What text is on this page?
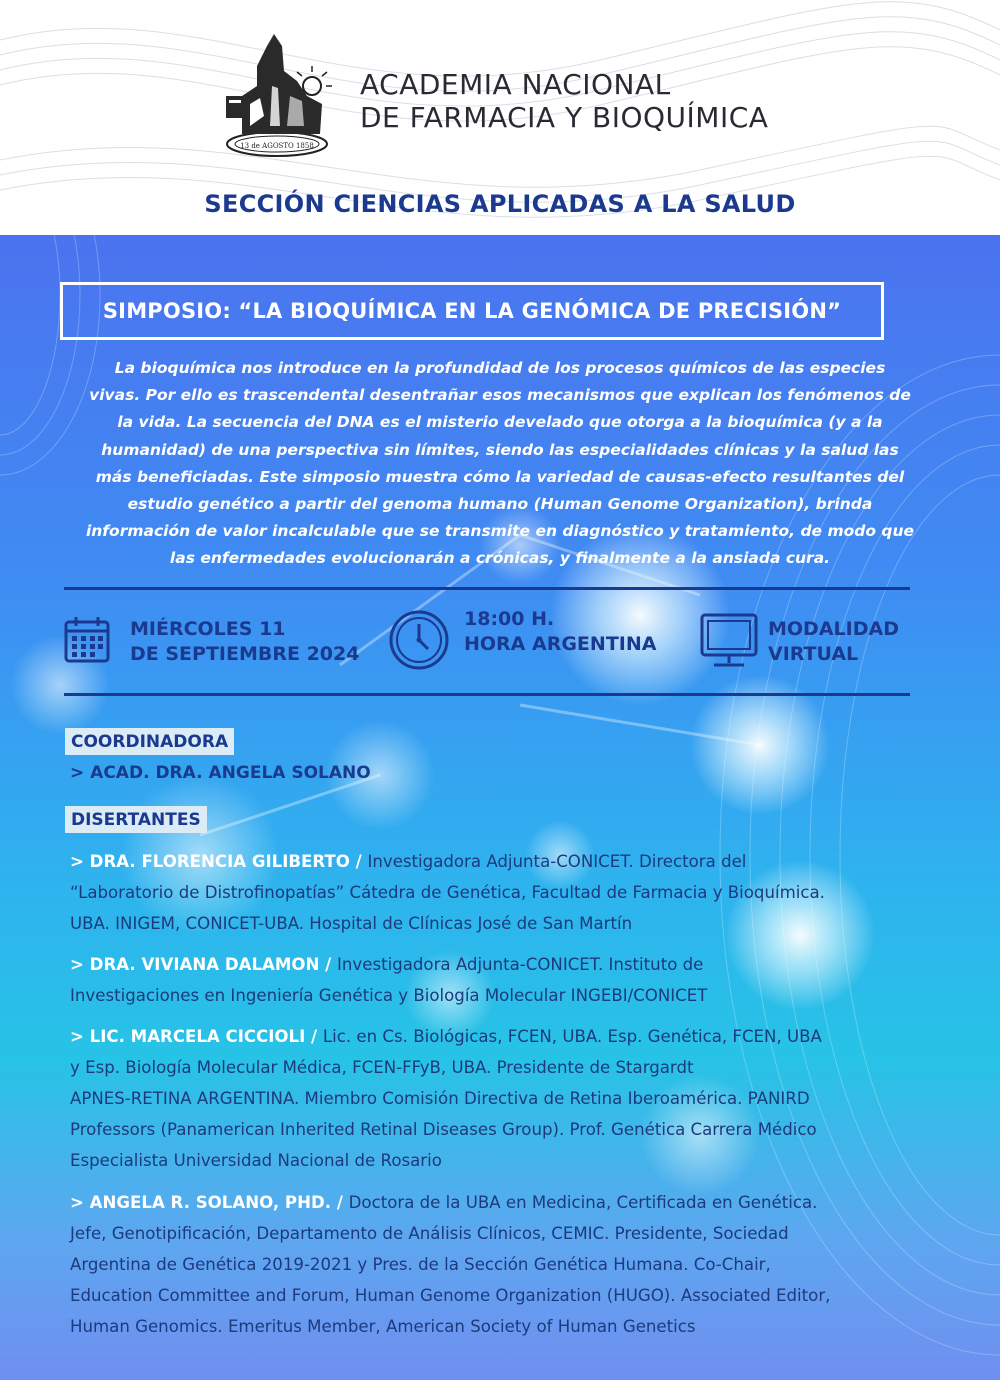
13 de AGOSTO 1858
ACADEMIA NACIONAL
DE FARMACIA Y BIOQUÍMICA
SECCIÓN CIENCIAS APLICADAS A LA SALUD
SIMPOSIO: “LA BIOQUÍMICA EN LA GENÓMICA DE PRECISIÓN”
La bioquímica nos introduce en la profundidad de los procesos químicos de las especies
vivas. Por ello es trascendental desentrañar esos mecanismos que explican los fenómenos de
la vida. La secuencia del DNA es el misterio develado que otorga a la bioquímica (y a la
humanidad) de una perspectiva sin límites, siendo las especialidades clínicas y la salud las
más beneficiadas. Este simposio muestra cómo la variedad de causas-efecto resultantes del
estudio genético a partir del genoma humano (Human Genome Organization), brinda
información de valor incalculable que se transmite en diagnóstico y tratamiento, de modo que
las enfermedades evolucionarán a crónicas, y finalmente a la ansiada cura.
MIÉRCOLES 11
DE SEPTIEMBRE 2024
18:00 H.
HORA ARGENTINA
MODALIDAD
VIRTUAL
COORDINADORA
> ACAD. DRA. ANGELA SOLANO
DISERTANTES
> DRA. FLORENCIA GILIBERTO / Investigadora Adjunta-CONICET. Directora del
“Laboratorio de Distrofinopatías” Cátedra de Genética, Facultad de Farmacia y Bioquímica.
UBA. INIGEM, CONICET-UBA. Hospital de Clínicas José de San Martín
> DRA. VIVIANA DALAMON / Investigadora Adjunta-CONICET. Instituto de
Investigaciones en Ingeniería Genética y Biología Molecular INGEBI/CONICET
> LIC. MARCELA CICCIOLI / Lic. en Cs. Biológicas, FCEN, UBA. Esp. Genética, FCEN, UBA
y Esp. Biología Molecular Médica, FCEN-FFyB, UBA. Presidente de Stargardt
APNES-RETINA ARGENTINA. Miembro Comisión Directiva de Retina Iberoamérica. PANIRD
Professors (Panamerican Inherited Retinal Diseases Group). Prof. Genética Carrera Médico
Especialista Universidad Nacional de Rosario
> ANGELA R. SOLANO, PHD. / Doctora de la UBA en Medicina, Certificada en Genética.
Jefe, Genotipificación, Departamento de Análisis Clínicos, CEMIC. Presidente, Sociedad
Argentina de Genética 2019-2021 y Pres. de la Sección Genética Humana. Co-Chair,
Education Committee and Forum, Human Genome Organization (HUGO). Associated Editor,
Human Genomics. Emeritus Member, American Society of Human Genetics
